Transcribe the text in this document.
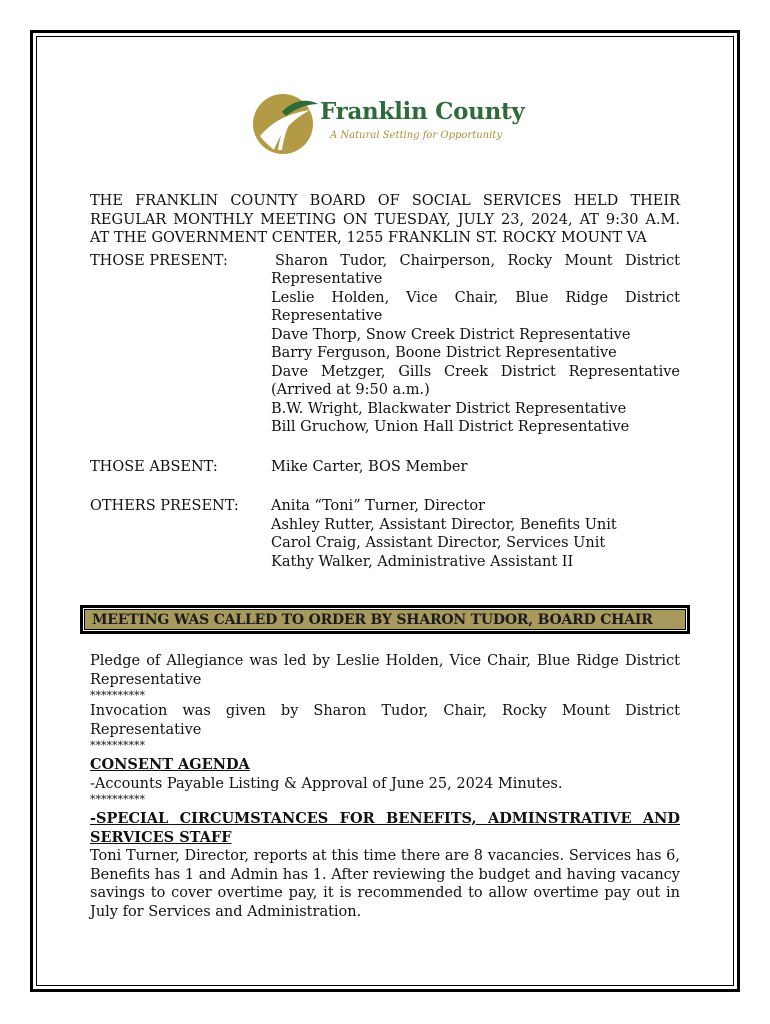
Franklin County
A Natural Setting for Opportunity

THE FRANKLIN COUNTY BOARD OF SOCIAL SERVICES HELD THEIR REGULAR MONTHLY MEETING ON TUESDAY, JULY 23, 2024, AT 9:30 A.M. AT THE GOVERNMENT CENTER, 1255 FRANKLIN ST. ROCKY MOUNT VA

THOSE PRESENT:	Sharon Tudor, Chairperson, Rocky Mount District
Representative
Leslie Holden, Vice Chair, Blue Ridge District
Representative
Dave Thorp, Snow Creek District Representative
Barry Ferguson, Boone District Representative
Dave Metzger, Gills Creek District Representative
(Arrived at 9:50 a.m.)
B.W. Wright, Blackwater District Representative
Bill Gruchow, Union Hall District Representative
THOSE ABSENT:	Mike Carter, BOS Member
OTHERS PRESENT:	Anita “Toni” Turner, Director
Ashley Rutter, Assistant Director, Benefits Unit
Carol Craig, Assistant Director, Services Unit
Kathy Walker, Administrative Assistant II
MEETING WAS CALLED TO ORDER BY SHARON TUDOR, BOARD CHAIR

Pledge of Allegiance was led by Leslie Holden, Vice Chair, Blue Ridge District Representative

**********

Invocation was given by Sharon Tudor, Chair, Rocky Mount District Representative

**********

CONSENT AGENDA

-Accounts Payable Listing & Approval of June 25, 2024 Minutes.

**********

-SPECIAL CIRCUMSTANCES FOR BENEFITS, ADMINSTRATIVE AND SERVICES STAFF

Toni Turner, Director, reports at this time there are 8 vacancies. Services has 6, Benefits has 1 and Admin has 1. After reviewing the budget and having vacancy savings to cover overtime pay, it is recommended to allow overtime pay out in July for Services and Administration.
